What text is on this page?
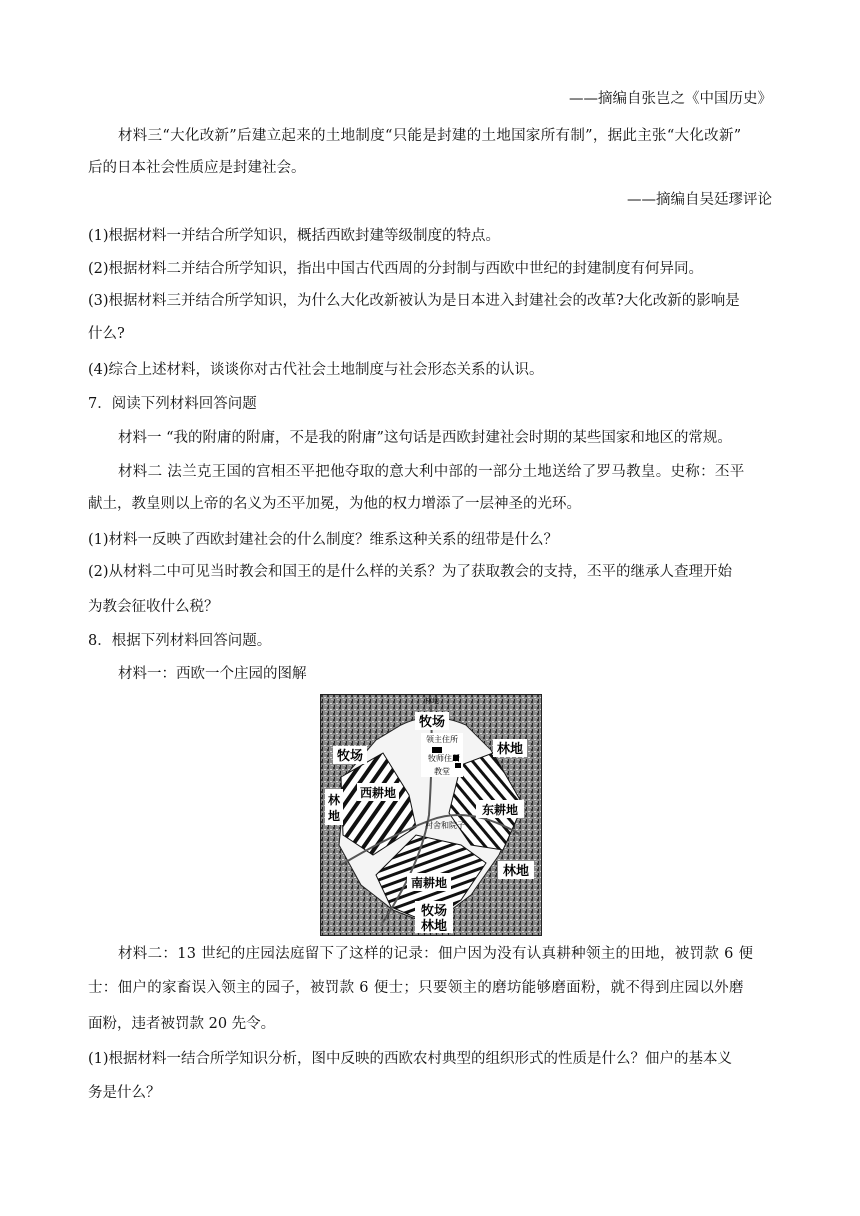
——摘编自张岂之《中国历史》
材料三“大化改新”后建立起来的土地制度“只能是封建的土地国家所有制”，据此主张“大化改新”
后的日本社会性质应是封建社会。
——摘编自吴廷璆评论
(1)根据材料一并结合所学知识，概括西欧封建等级制度的特点。
(2)根据材料二并结合所学知识，指出中国古代西周的分封制与西欧中世纪的封建制度有何异同。
(3)根据材料三并结合所学知识，为什么大化改新被认为是日本进入封建社会的改革?大化改新的影响是
什么?
(4)综合上述材料，谈谈你对古代社会土地制度与社会形态关系的认识。
7．阅读下列材料回答问题
材料一 “我的附庸的附庸，不是我的附庸”这句话是西欧封建社会时期的某些国家和地区的常规。
材料二 法兰克王国的宫相丕平把他夺取的意大利中部的一部分土地送给了罗马教皇。史称：丕平
献土，教皇则以上帝的名义为丕平加冕，为他的权力增添了一层神圣的光环。
(1)材料一反映了西欧封建社会的什么制度？维系这种关系的纽带是什么？
(2)从材料二中可见当时教会和国王的是什么样的关系？为了获取教会的支持，丕平的继承人查理开始
为教会征收什么税？
8．根据下列材料回答问题。
材料一：西欧一个庄园的图解
林地
牧场
领主住所
牧师住所
教堂
牧场	林地
林
地
西耕地
东耕地
村舍和院子
林地
南耕地
牧场
林地
材料二：13 世纪的庄园法庭留下了这样的记录：佃户因为没有认真耕种领主的田地，被罚款 6 便
士：佃户的家畜误入领主的园子，被罚款 6 便士；只要领主的磨坊能够磨面粉，就不得到庄园以外磨
面粉，违者被罚款 20 先令。
(1)根据材料一结合所学知识分析，图中反映的西欧农村典型的组织形式的性质是什么？佃户的基本义
务是什么？
